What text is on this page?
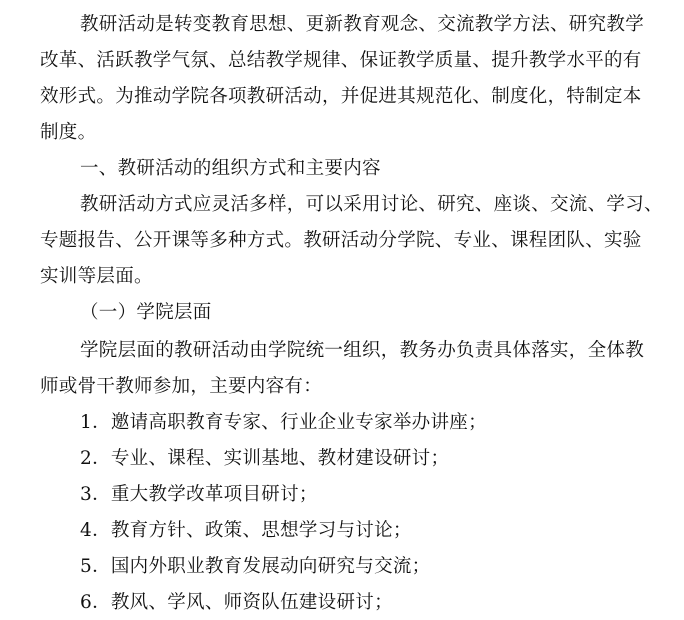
教研活动是转变教育思想、更新教育观念、交流教学方法、研究教学
改革、活跃教学气氛、总结教学规律、保证教学质量、提升教学水平的有
效形式。为推动学院各项教研活动，并促进其规范化、制度化，特制定本
制度。
一、教研活动的组织方式和主要内容
教研活动方式应灵活多样，可以采用讨论、研究、座谈、交流、学习、
专题报告、公开课等多种方式。教研活动分学院、专业、课程团队、实验
实训等层面。
（一）学院层面
学院层面的教研活动由学院统一组织，教务办负责具体落实，全体教
师或骨干教师参加，主要内容有：
1．邀请高职教育专家、行业企业专家举办讲座；
2．专业、课程、实训基地、教材建设研讨；
3．重大教学改革项目研讨；
4．教育方针、政策、思想学习与讨论；
5．国内外职业教育发展动向研究与交流；
6．教风、学风、师资队伍建设研讨；
